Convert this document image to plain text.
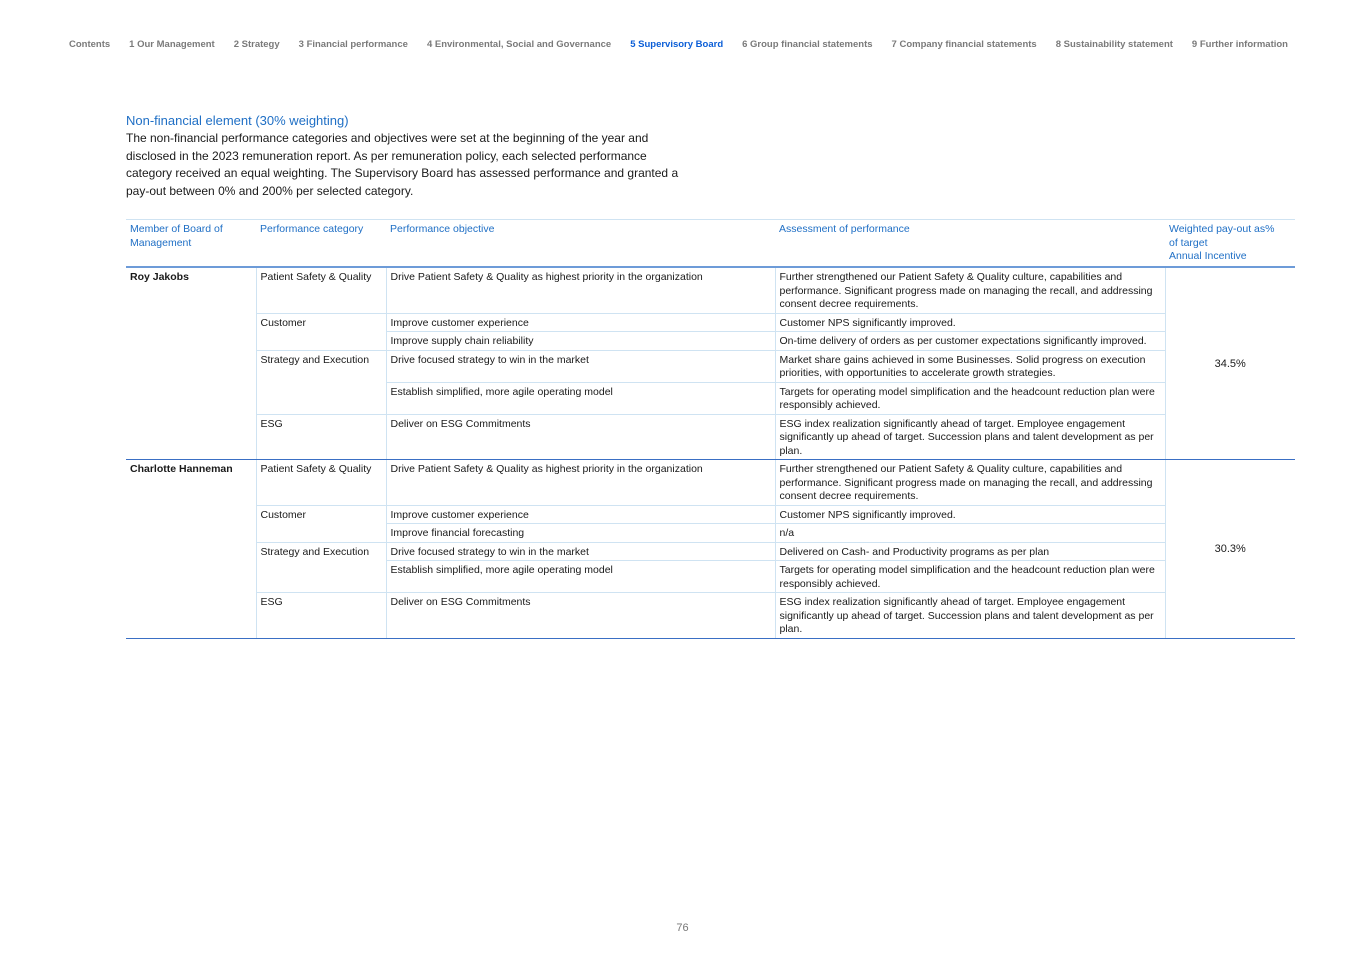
Contents 1 Our Management 2 Strategy 3 Financial performance 4 Environmental, Social and Governance 5 Supervisory Board 6 Group financial statements 7 Company financial statements 8 Sustainability statement 9 Further information
Non-financial element (30% weighting)
The non-financial performance categories and objectives were set at the beginning of the year and disclosed in the 2023 remuneration report. As per remuneration policy, each selected performance category received an equal weighting. The Supervisory Board has assessed performance and granted a pay-out between 0% and 200% per selected category.
Member of Board of Management	Performance category	Performance objective	Assessment of performance	Weighted pay-out as%
of target
Annual Incentive

Roy Jakobs	Patient Safety & Quality	Drive Patient Safety & Quality as highest priority in the organization	Further strengthened our Patient Safety & Quality culture, capabilities and performance. Significant progress made on managing the recall, and addressing consent decree requirements.	34.5%
	Customer	Improve customer experience	Customer NPS significantly improved.	
		Improve supply chain reliability	On-time delivery of orders as per customer expectations significantly improved.	
	Strategy and Execution	Drive focused strategy to win in the market	Market share gains achieved in some Businesses. Solid progress on execution priorities, with opportunities to accelerate growth strategies.	
		Establish simplified, more agile operating model	Targets for operating model simplification and the headcount reduction plan were responsibly achieved.	
	ESG	Deliver on ESG Commitments	ESG index realization significantly ahead of target. Employee engagement significantly up ahead of target. Succession plans and talent development as per plan.	
Charlotte Hanneman	Patient Safety & Quality	Drive Patient Safety & Quality as highest priority in the organization	Further strengthened our Patient Safety & Quality culture, capabilities and performance. Significant progress made on managing the recall, and addressing consent decree requirements.	30.3%
	Customer	Improve customer experience	Customer NPS significantly improved.	
		Improve financial forecasting	n/a	
	Strategy and Execution	Drive focused strategy to win in the market	Delivered on Cash- and Productivity programs as per plan	
		Establish simplified, more agile operating model	Targets for operating model simplification and the headcount reduction plan were responsibly achieved.	
	ESG	Deliver on ESG Commitments	ESG index realization significantly ahead of target. Employee engagement significantly up ahead of target. Succession plans and talent development as per plan.	
76
